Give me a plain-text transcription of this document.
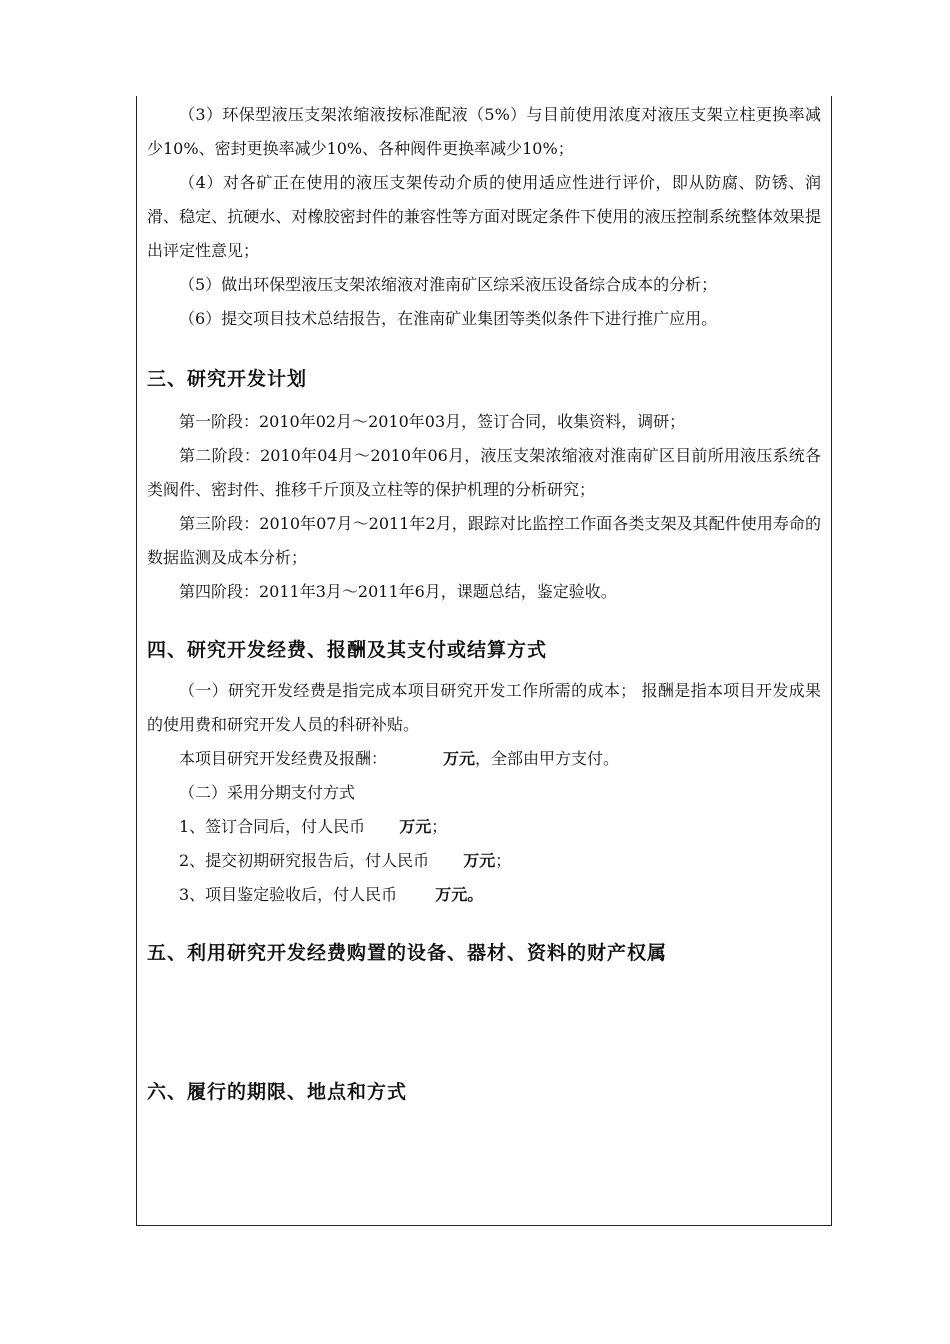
（3）环保型液压支架浓缩液按标准配液（5%）与目前使用浓度对液压支架立柱更换率减少10%、密封更换率减少10%、各种阀件更换率减少10%；

（4）对各矿正在使用的液压支架传动介质的使用适应性进行评价，即从防腐、防锈、润滑、稳定、抗硬水、对橡胶密封件的兼容性等方面对既定条件下使用的液压控制系统整体效果提出评定性意见；

（5）做出环保型液压支架浓缩液对淮南矿区综采液压设备综合成本的分析；

（6）提交项目技术总结报告，在淮南矿业集团等类似条件下进行推广应用。

三、研究开发计划

第一阶段：2010年02月～2010年03月，签订合同，收集资料，调研；

第二阶段：2010年04月～2010年06月，液压支架浓缩液对淮南矿区目前所用液压系统各类阀件、密封件、推移千斤顶及立柱等的保护机理的分析研究；

第三阶段：2010年07月～2011年2月，跟踪对比监控工作面各类支架及其配件使用寿命的数据监测及成本分析；

第四阶段：2011年3月～2011年6月，课题总结，鉴定验收。

四、研究开发经费、报酬及其支付或结算方式

（一）研究开发经费是指完成本项目研究开发工作所需的成本； 报酬是指本项目开发成果的使用费和研究开发人员的科研补贴。

本项目研究开发经费及报酬：	万元，全部由甲方支付。

（二）采用分期支付方式

1、签订合同后，付人民币 万元；

2、提交初期研究报告后，付人民币 万元；

3、项目鉴定验收后，付人民币 万元。

五、利用研究开发经费购置的设备、器材、资料的财产权属
六、履行的期限、地点和方式
